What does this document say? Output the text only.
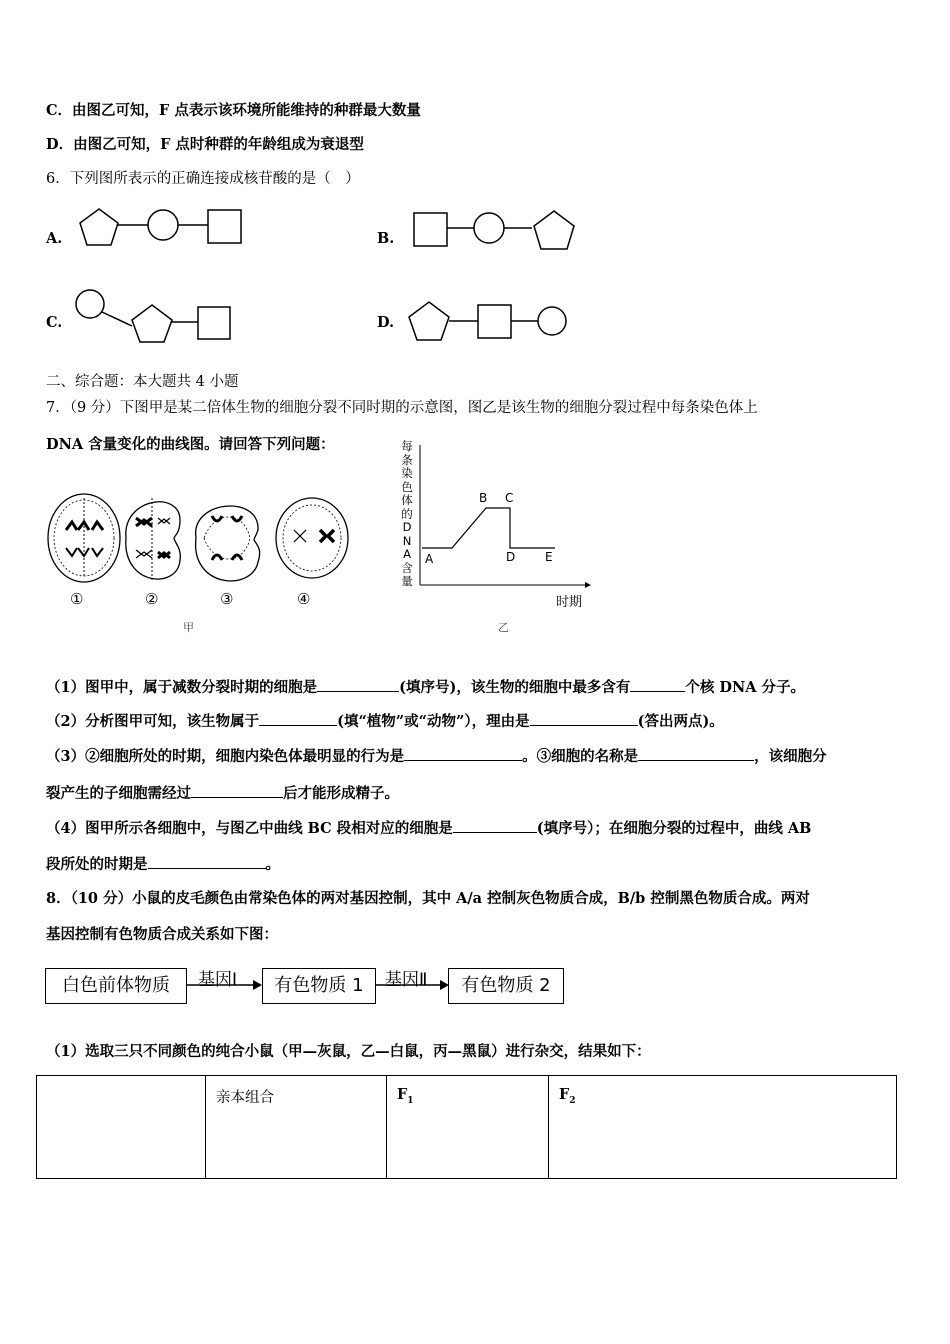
C．由图乙可知，F 点表示该环境所能维持的种群最大数量
D．由图乙可知，F 点时种群的年龄组成为衰退型
6．下列图所表示的正确连接成核苷酸的是（　）
A.	B.
C.	D.
二、综合题：本大题共 4 小题
7．（9 分）下图甲是某二倍体生物的细胞分裂不同时期的示意图，图乙是该生物的细胞分裂过程中每条染色体上
DNA 含量变化的曲线图。请回答下列问题：
①	②	③	④
甲
每
条
染
色
体
的
D
N
A
含
量
A
B C
D E
时期
乙
（1）图甲中，属于减数分裂时期的细胞是	(填序号)，该生物的细胞中最多含有	个核 DNA 分子。
（2）分析图甲可知，该生物属于	(填“植物”或“动物”），理由是	(答出两点)。
（3）②细胞所处的时期，细胞内染色体最明显的行为是	。③细胞的名称是	，该细胞分
裂产生的子细胞需经过	后才能形成精子。
（4）图甲所示各细胞中，与图乙中曲线 BC 段相对应的细胞是	(填序号）；在细胞分裂的过程中，曲线 AB
段所处的时期是	。
8．（10 分）小鼠的皮毛颜色由常染色体的两对基因控制，其中 A/a 控制灰色物质合成，B/b 控制黑色物质合成。两对
基因控制有色物质合成关系如下图：
白色前体物质	基因Ⅰ	有色物质 1	基因Ⅱ	有色物质 2
（1）选取三只不同颜色的纯合小鼠（甲—灰鼠，乙—白鼠，丙—黑鼠）进行杂交，结果如下：
	亲本组合	$F_1$	$F_2$
